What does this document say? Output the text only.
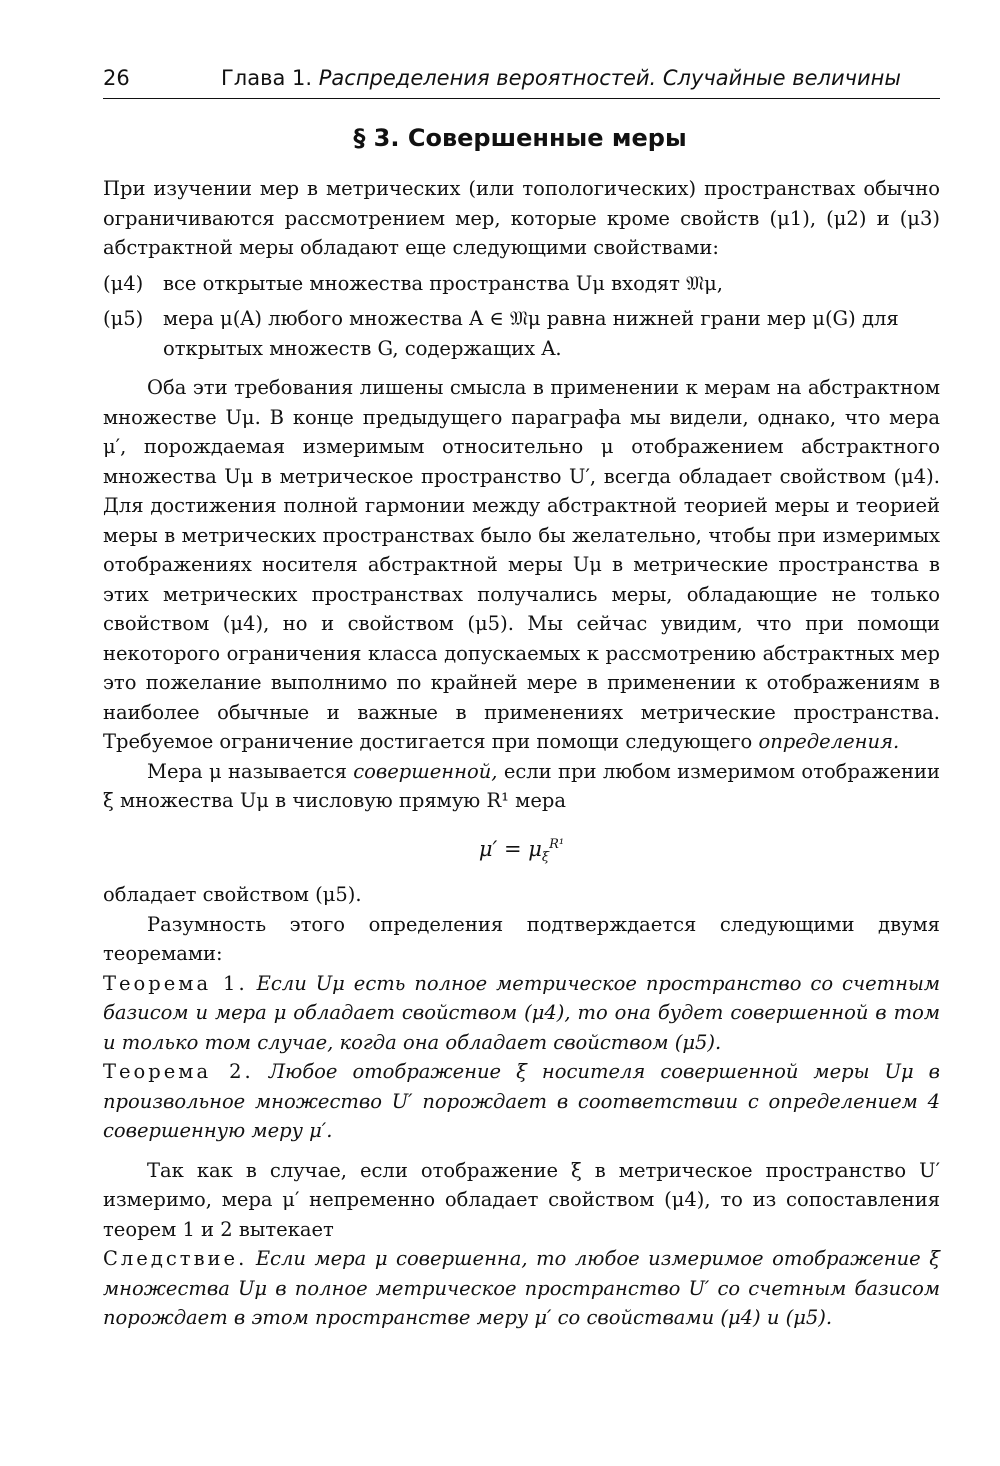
26	Глава 1. Распределения вероятностей. Случайные величины
§ 3. Совершенные меры

При изучении мер в метрических (или топологических) пространствах обычно ограничиваются рассмотрением мер, которые кроме свойств (μ1), (μ2) и (μ3) абстрактной меры обладают еще следующими свойствами:

(μ4) все открытые множества пространства Uμ входят 𝔐μ,
(μ5) мера μ(A) любого множества A ∈ 𝔐μ равна нижней грани мер μ(G) для открытых множеств G, содержащих A.

Оба эти требования лишены смысла в применении к мерам на абстрактном множестве Uμ. В конце предыдущего параграфа мы видели, однако, что мера μ′, порождаемая измеримым относительно μ отображением абстрактного множества Uμ в метрическое пространство U′, всегда обладает свойством (μ4). Для достижения полной гармонии между абстрактной теорией меры и теорией меры в метрических пространствах было бы желательно, чтобы при измеримых отображениях носителя абстрактной меры Uμ в метрические пространства в этих метрических пространствах получались меры, обладающие не только свойством (μ4), но и свойством (μ5). Мы сейчас увидим, что при помощи некоторого ограничения класса допускаемых к рассмотрению абстрактных мер это пожелание выполнимо по крайней мере в применении к отображениям в наиболее обычные и важные в применениях метрические пространства. Требуемое ограничение достигается при помощи следующего определения.

Мера μ называется совершенной, если при любом измеримом отображении ξ множества Uμ в числовую прямую R¹ мера

$\mu' = \mu_\xi^{R^1}$

обладает свойством (μ5).

Разумность этого определения подтверждается следующими двумя теоремами:

Теорема 1. Если Uμ есть полное метрическое пространство со счетным базисом и мера μ обладает свойством (μ4), то она будет совершенной в том и только том случае, когда она обладает свойством (μ5).

Теорема 2. Любое отображение ξ носителя совершенной меры Uμ в произвольное множество U′ порождает в соответствии с определением 4 совершенную меру μ′.

Так как в случае, если отображение ξ в метрическое пространство U′ измеримо, мера μ′ непременно обладает свойством (μ4), то из сопоставления теорем 1 и 2 вытекает

Следствие. Если мера μ совершенна, то любое измеримое отображение ξ множества Uμ в полное метрическое пространство U′ со счетным базисом порождает в этом пространстве меру μ′ со свойствами (μ4) и (μ5).
